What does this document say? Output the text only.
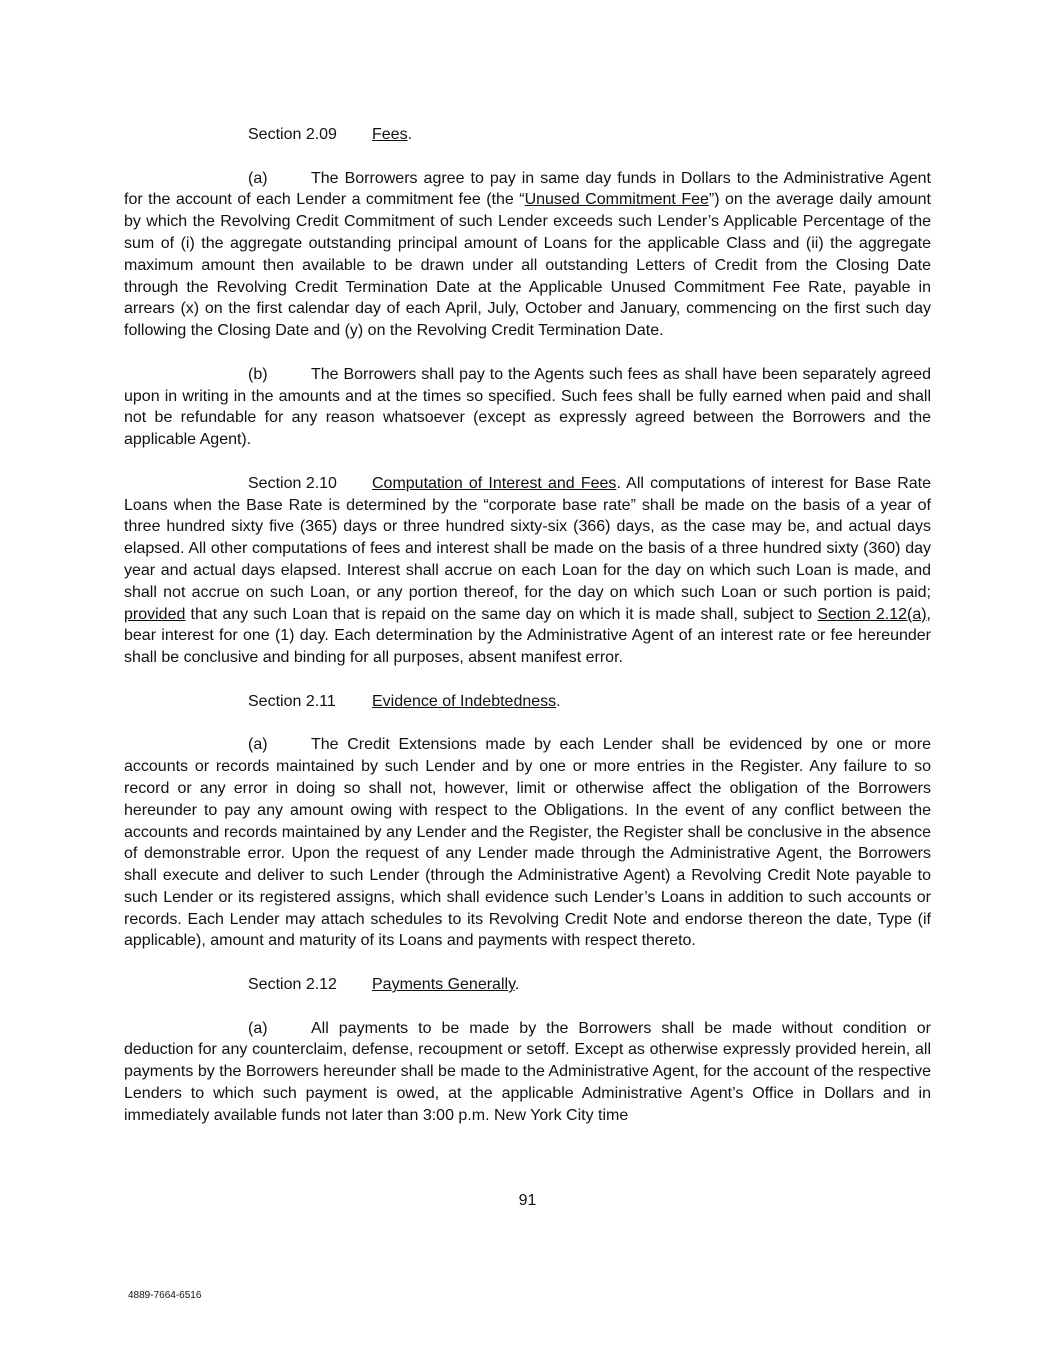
Section 2.09 Fees.

(a)	The Borrowers agree to pay in same day funds in Dollars to the Administrative Agent for the account of each Lender a commitment fee (the “Unused Commitment Fee”) on the average daily amount by which the Revolving Credit Commitment of such Lender exceeds such Lender’s Applicable Percentage of the sum of (i) the aggregate outstanding principal amount of Loans for the applicable Class and (ii) the aggregate maximum amount then available to be drawn under all outstanding Letters of Credit from the Closing Date through the Revolving Credit Termination Date at the Applicable Unused Commitment Fee Rate, payable in arrears (x) on the first calendar day of each April, July, October and January, commencing on the first such day following the Closing Date and (y) on the Revolving Credit Termination Date.

(b)	The Borrowers shall pay to the Agents such fees as shall have been separately agreed upon in writing in the amounts and at the times so specified. Such fees shall be fully earned when paid and shall not be refundable for any reason whatsoever (except as expressly agreed between the Borrowers and the applicable Agent).

Section 2.10 Computation of Interest and Fees. All computations of interest for Base Rate Loans when the Base Rate is determined by the “corporate base rate” shall be made on the basis of a year of three hundred sixty five (365) days or three hundred sixty-six (366) days, as the case may be, and actual days elapsed. All other computations of fees and interest shall be made on the basis of a three hundred sixty (360) day year and actual days elapsed. Interest shall accrue on each Loan for the day on which such Loan is made, and shall not accrue on such Loan, or any portion thereof, for the day on which such Loan or such portion is paid; provided that any such Loan that is repaid on the same day on which it is made shall, subject to Section 2.12(a), bear interest for one (1) day. Each determination by the Administrative Agent of an interest rate or fee hereunder shall be conclusive and binding for all purposes, absent manifest error.

Section 2.11 Evidence of Indebtedness.

(a)	The Credit Extensions made by each Lender shall be evidenced by one or more accounts or records maintained by such Lender and by one or more entries in the Register. Any failure to so record or any error in doing so shall not, however, limit or otherwise affect the obligation of the Borrowers hereunder to pay any amount owing with respect to the Obligations. In the event of any conflict between the accounts and records maintained by any Lender and the Register, the Register shall be conclusive in the absence of demonstrable error. Upon the request of any Lender made through the Administrative Agent, the Borrowers shall execute and deliver to such Lender (through the Administrative Agent) a Revolving Credit Note payable to such Lender or its registered assigns, which shall evidence such Lender’s Loans in addition to such accounts or records. Each Lender may attach schedules to its Revolving Credit Note and endorse thereon the date, Type (if applicable), amount and maturity of its Loans and payments with respect thereto.

Section 2.12 Payments Generally.

(a)	All payments to be made by the Borrowers shall be made without condition or deduction for any counterclaim, defense, recoupment or setoff. Except as otherwise expressly provided herein, all payments by the Borrowers hereunder shall be made to the Administrative Agent, for the account of the respective Lenders to which such payment is owed, at the applicable Administrative Agent’s Office in Dollars and in immediately available funds not later than 3:00 p.m. New York City time

91
4889-7664-6516
